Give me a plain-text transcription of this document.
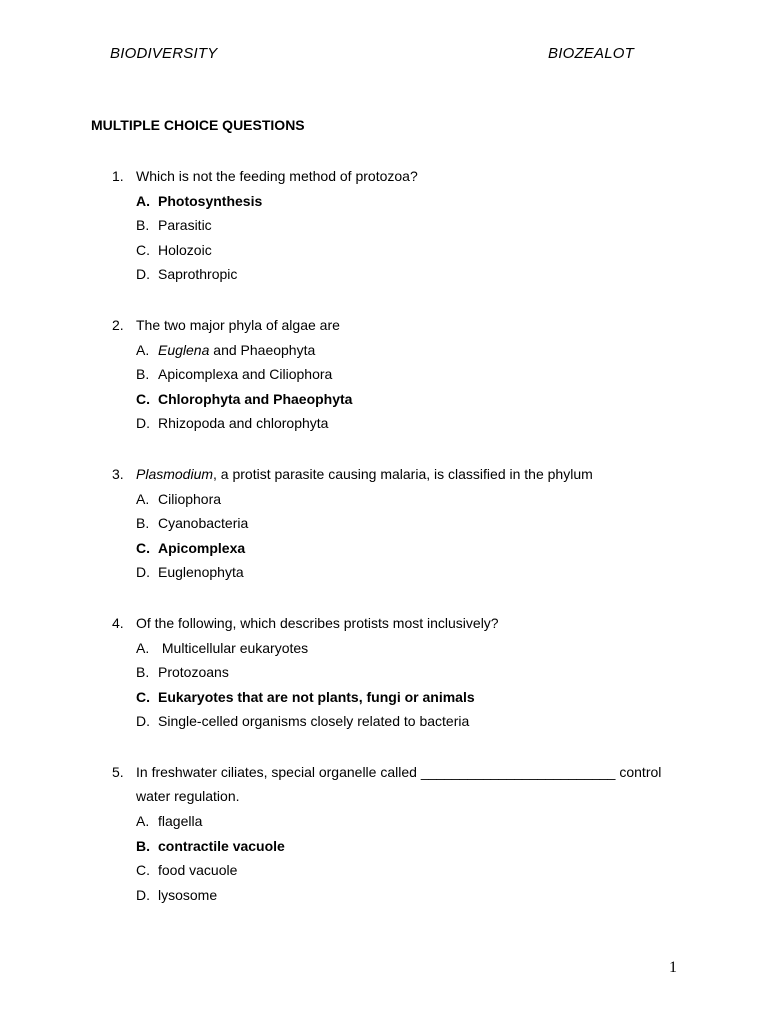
BIODIVERSITY	BIOZEALOT
MULTIPLE CHOICE QUESTIONS
1. Which is not the feeding method of protozoa?
A. Photosynthesis
B. Parasitic
C. Holozoic
D. Saprothropic
2. The two major phyla of algae are
A. Euglena and Phaeophyta
B. Apicomplexa and Ciliophora
C. Chlorophyta and Phaeophyta
D. Rhizopoda and chlorophyta
3. Plasmodium, a protist parasite causing malaria, is classified in the phylum
A. Ciliophora
B. Cyanobacteria
C. Apicomplexa
D. Euglenophyta
4. Of the following, which describes protists most inclusively?
A. Multicellular eukaryotes
B. Protozoans
C. Eukaryotes that are not plants, fungi or animals
D. Single-celled organisms closely related to bacteria
5. In freshwater ciliates, special organelle called _________________________ control water regulation.
A. flagella
B. contractile vacuole
C. food vacuole
D. lysosome
1
